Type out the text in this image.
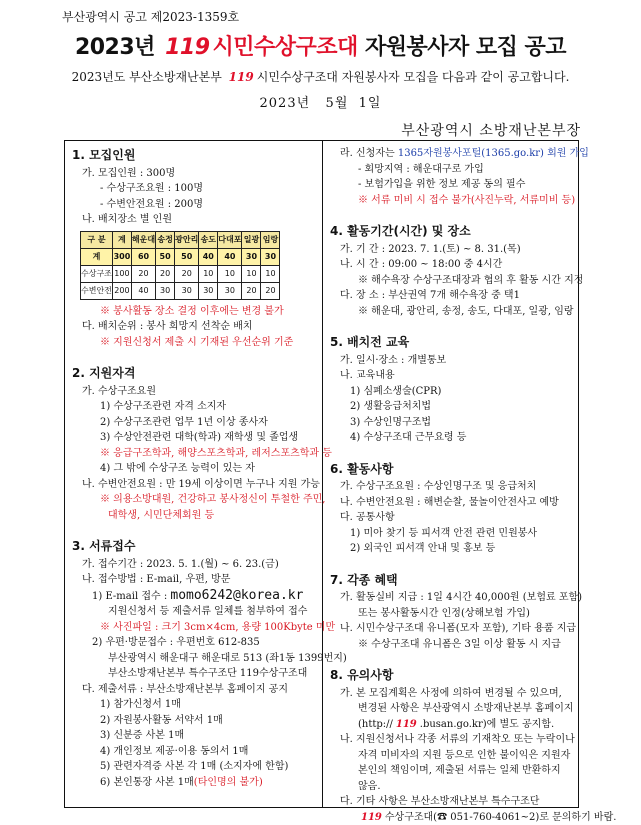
부산광역시 공고 제2023-1359호
2023년 119 시민수상구조대 자원봉사자 모집 공고
2023년도 부산소방재난본부 119 시민수상구조대 자원봉사자 모집을 다음과 같이 공고합니다.
2023년   5월  1일
부산광역시 소방재난본부장
1. 모집인원
가. 모집인원 : 300명
- 수상구조요원 : 100명
- 수변안전요원 : 200명
나. 배치장소 별 인원
구 분	계	해운대	송정	광안리	송도	다대포	일광	임랑
계	300	60	50	50	40	40	30	30
수상구조	100	20	20	20	10	10	10	10
수변안전	200	40	30	30	30	30	20	20
※ 봉사활동 장소 결정 이후에는 변경 불가
다. 배치순위 : 봉사 희망지 선착순 배치
※ 지원신청서 제출 시 기재된 우선순위 기준
2. 지원자격
가. 수상구조요원
1) 수상구조관련 자격 소지자
2) 수상구조관련 업무 1년 이상 종사자
3) 수상안전관련 대학(학과) 재학생 및 졸업생
※ 응급구조학과, 해양스포츠학과, 레저스포츠학과 등
4) 그 밖에 수상구조 능력이 있는 자
나. 수변안전요원 : 만 19세 이상이면 누구나 지원 가능
※ 의용소방대원, 건강하고 봉사정신이 투철한 주민,
대학생, 시민단체회원 등
3. 서류접수
가. 접수기간 : 2023. 5. 1.(월) ~ 6. 23.(금)
나. 접수방법 : E-mail, 우편, 방문
1) E-mail 접수 : momo6242@korea.kr
지원신청서 등 제출서류 일체를 첨부하여 접수
※ 사진파일 : 크기 3cm×4cm, 용량 100Kbyte 미만
2) 우편·방문접수 : 우편번호 612-835
부산광역시 해운대구 해운대로 513 (좌1동 1399번지)
부산소방재난본부 특수구조단 119수상구조대
다. 제출서류 : 부산소방재난본부 홈페이지 공지
1) 참가신청서 1매
2) 자원봉사활동 서약서 1매
3) 신분증 사본 1매
4) 개인정보 제공·이용 동의서 1매
5) 관련자격증 사본 각 1매 (소지자에 한함)
6) 본인통장 사본 1매(타인명의 불가)
라. 신청자는 1365자원봉사포털(1365.go.kr) 회원 가입
- 회망지역 : 해운대구로 가입
- 보험가입을 위한 정보 제공 동의 필수
※ 서류 미비 시 접수 불가(사진누락, 서류미비 등)
4. 활동기간(시간) 및 장소
가. 기 간 : 2023. 7. 1.(토) ~ 8. 31.(목)
나. 시 간 : 09:00 ~ 18:00 중 4시간
※ 해수욕장 수상구조대장과 협의 후 활동 시간 지정
다. 장 소 : 부산권역 7개 해수욕장 중 택1
※ 해운대, 광안리, 송정, 송도, 다대포, 일광, 임랑
5. 배치전 교육
가. 일시·장소 : 개별통보
나. 교육내용
1) 심폐소생술(CPR)
2) 생활응급처치법
3) 수상인명구조법
4) 수상구조대 근무요령 등
6. 활동사항
가. 수상구조요원 : 수상인명구조 및 응급처치
나. 수변안전요원 : 해변순찰, 물놀이안전사고 예방
다. 공통사항
1) 미아 찾기 등 피서객 안전 관련 민원봉사
2) 외국인 피서객 안내 및 홍보 등
7. 각종 혜택
가. 활동실비 지급 : 1일 4시간 40,000원 (보험료 포함)
또는 봉사활동시간 인정(상해보험 가입)
나. 시민수상구조대 유니폼(모자 포함), 기타 용품 지급
※ 수상구조대 유니폼은 3일 이상 활동 시 지급
8. 유의사항
가. 본 모집계획은 사정에 의하여 변경될 수 있으며,
변경된 사항은 부산광역시 소방재난본부 홈페이지
(http:// 119 .busan.go.kr)에 별도 공지함.
나. 지원신청서나 각종 서류의 기재착오 또는 누락이나
자격 미비자의 지원 등으로 인한 불이익은 지원자
본인의 책임이며, 제출된 서류는 일체 반환하지
않음.
다. 기타 사항은 부산소방재난본부 특수구조단
119 수상구조대(☎ 051-760-4061~2)로 문의하기 바람.
